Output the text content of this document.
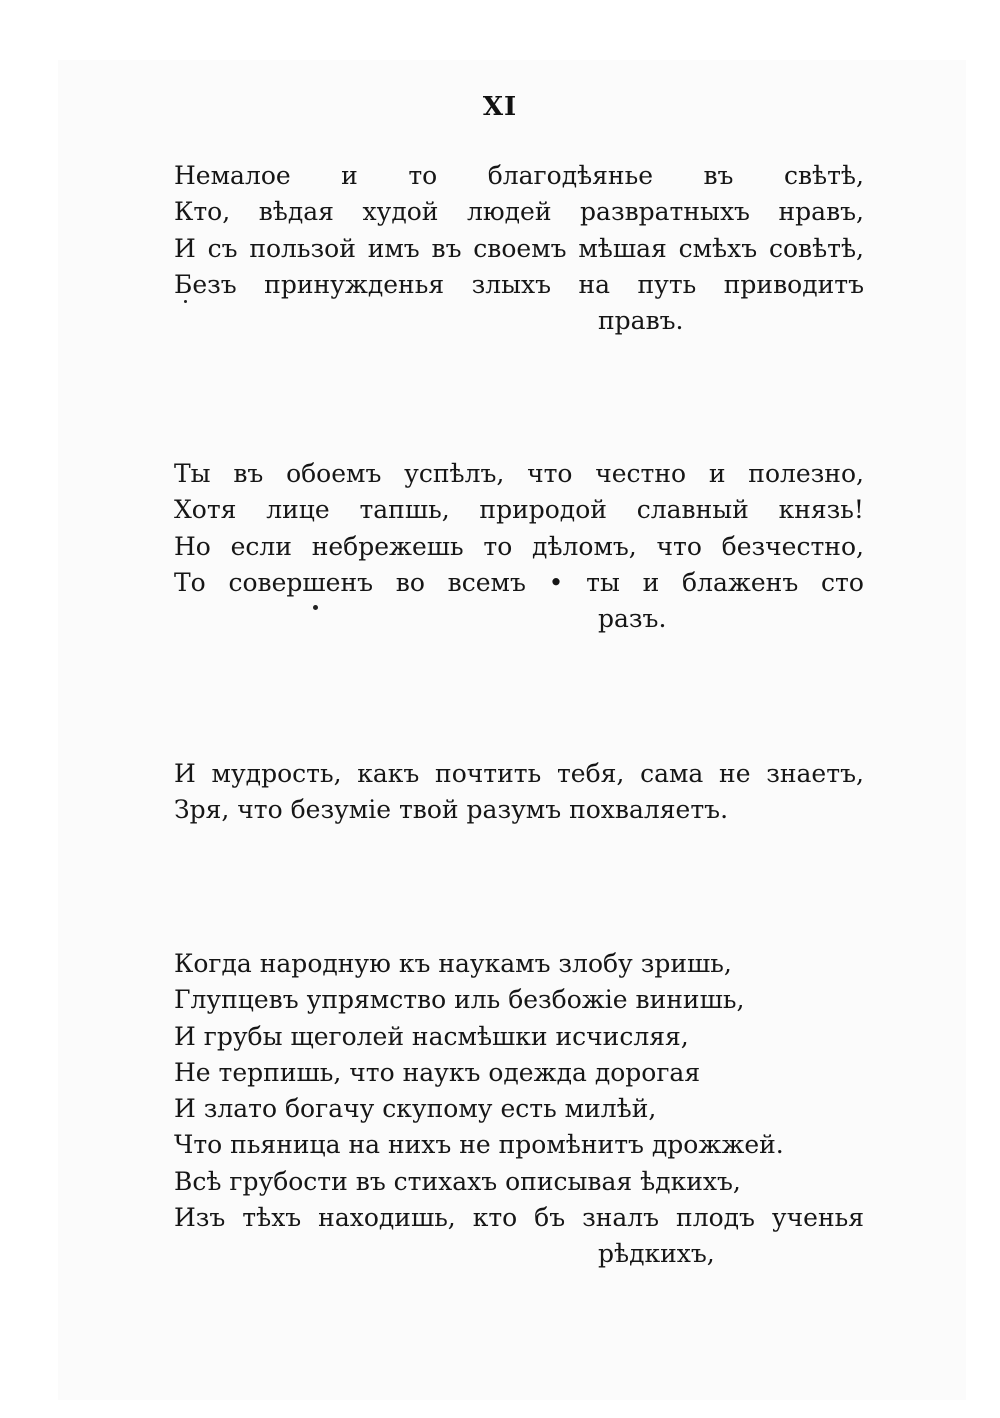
XI
Немалое и то благодѣянье въ свѣтѣ,
Кто, вѣдая худой людей развратныхъ нравъ,
И съ пользой имъ въ своемъ мѣшая смѣхъ совѣтѣ,
Безъ принужденья злыхъ на путь приводитъ
правъ.
Ты въ обоемъ успѣлъ, что честно и полезно,
Хотя лице тапшь, природой славный князь!
Но если небрежешь то дѣломъ, что безчестно,
То совершенъ во всемъ • ты и блаженъ сто
разъ.
И мудрость, какъ почтить тебя, сама не знаетъ,
Зря, что безумiе твой разумъ похваляетъ.
Когда народную къ наукамъ злобу зришь,
Глупцевъ упрямство иль безбожiе винишь,
И грубы щеголей насмѣшки исчисляя,
Не терпишь, что наукъ одежда дорогая
И злато богачу скупому есть милѣй,
Что пьяница на нихъ не промѣнитъ дрожжей.
Всѣ грубости въ стихахъ описывая ѣдкихъ,
Изъ тѣхъ находишь, кто бъ зналъ плодъ ученья
рѣдкихъ,
